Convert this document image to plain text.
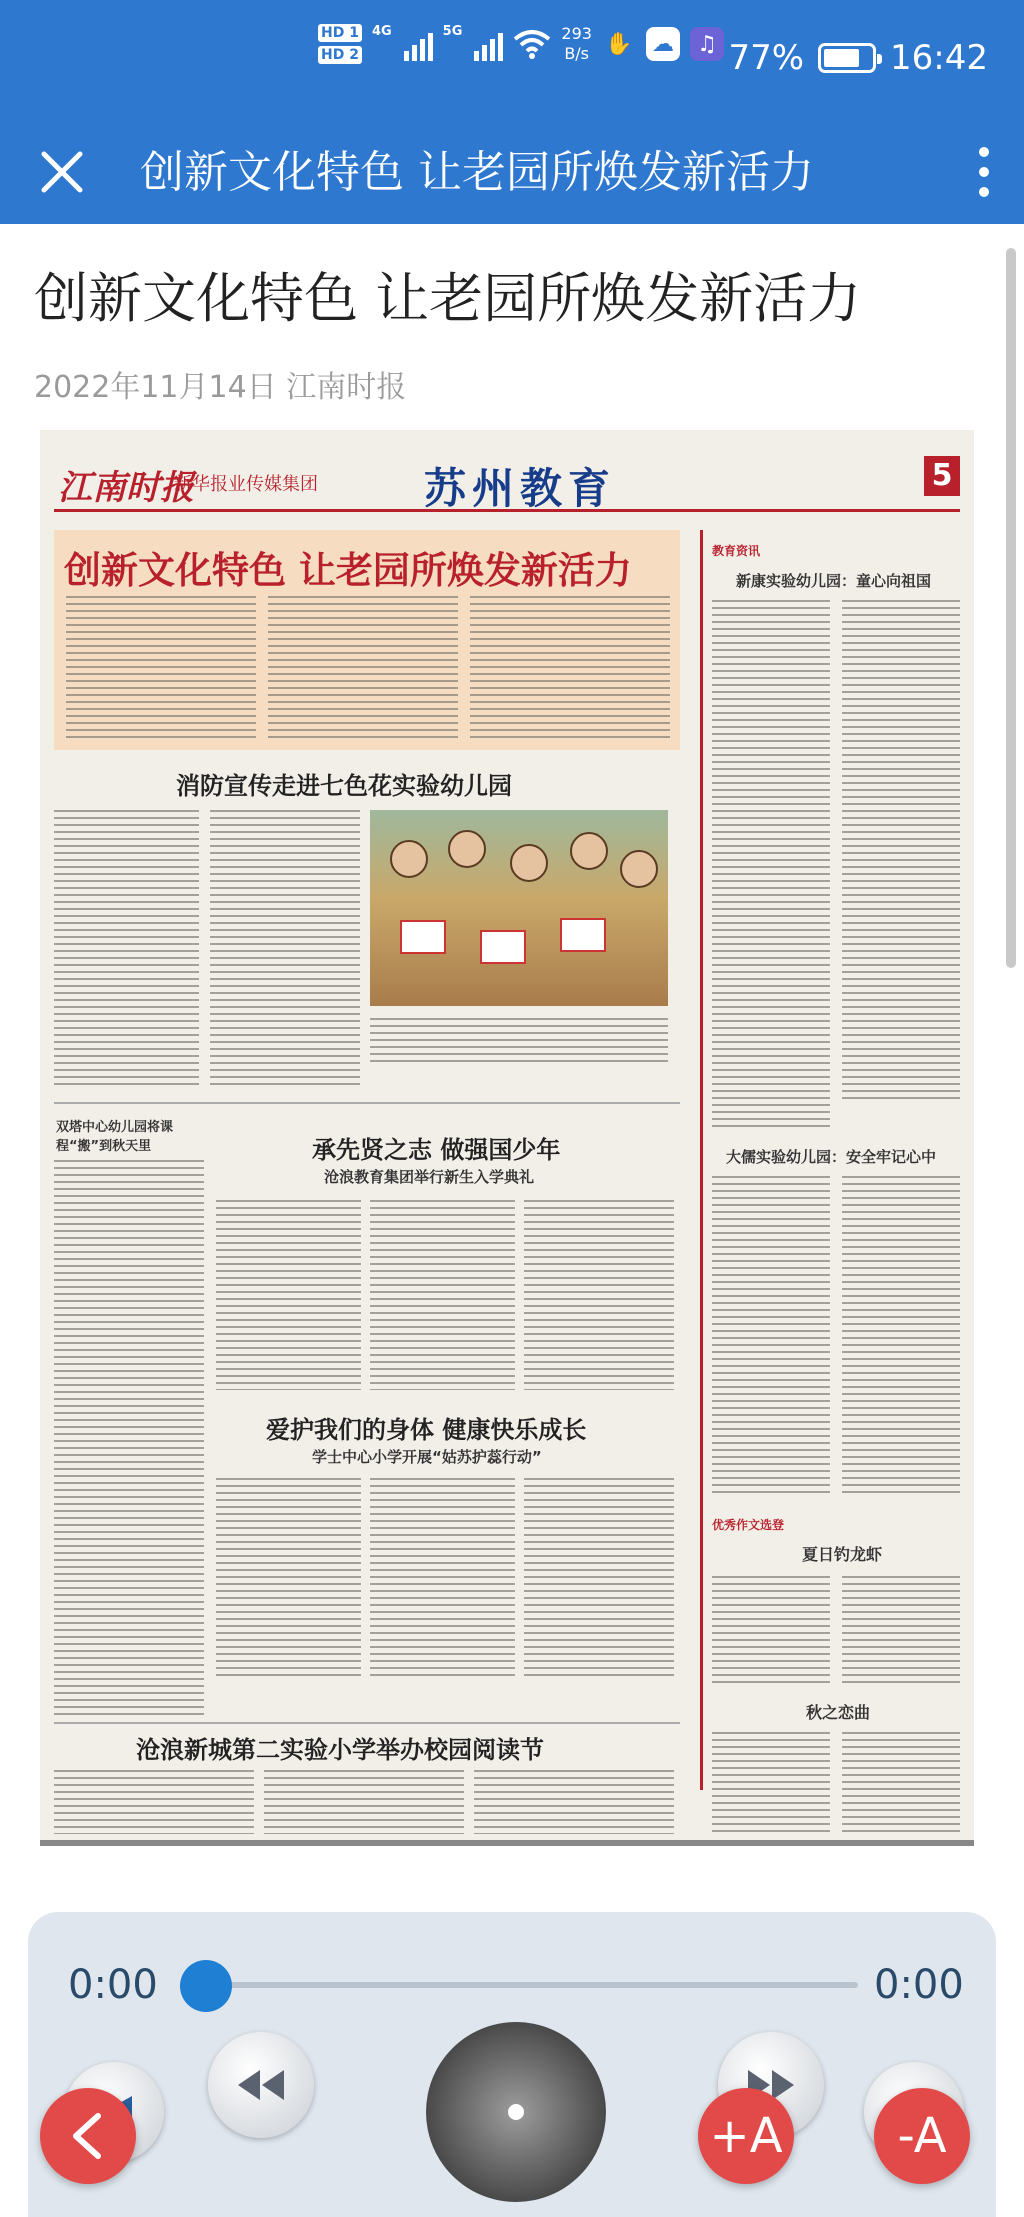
HD 1
HD 2
4G	5G	293
B/s ✋ ☁	♫ 77%	16:42
创新文化特色 让老园所焕发新活力
创新文化特色 让老园所焕发新活力
2022年11月14日 江南时报
江南时报
新华报业传媒集团	苏州教育	5
创新文化特色 让老园所焕发新活力
消防宣传走进七色花实验幼儿园
双塔中心幼儿园将课程“搬”到秋天里	承先贤之志 做强国少年
沧浪教育集团举行新生入学典礼
爱护我们的身体 健康快乐成长
学士中心小学开展“姑苏护蕊行动”
沧浪新城第二实验小学举办校园阅读节
教育资讯
新康实验幼儿园：童心向祖国
大儒实验幼儿园：安全牢记心中
优秀作文选登
夏日钓龙虾
秋之恋曲
0:00	0:00
+A	-A
